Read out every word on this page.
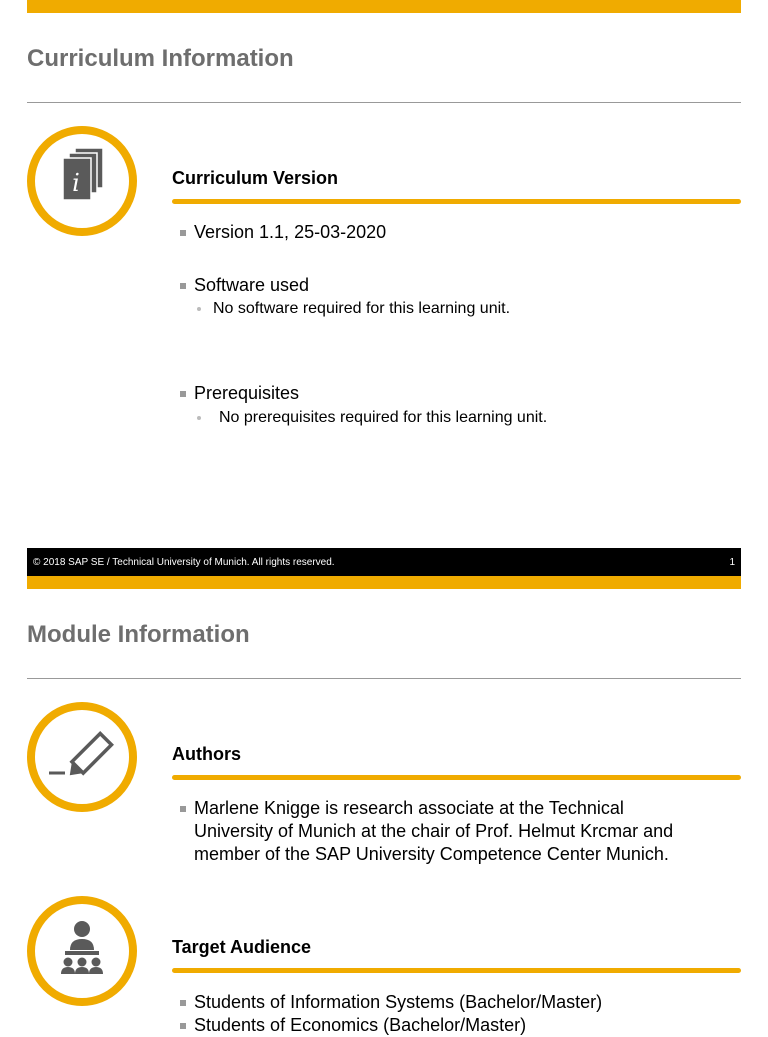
Curriculum Information
i	Curriculum Version
Version 1.1, 25-03-2020
Software used
No software required for this learning unit.
Prerequisites
No prerequisites required for this learning unit.
© 2018 SAP SE / Technical University of Munich. All rights reserved.	1
Module Information
Authors
Marlene Knigge is research associate at the Technical
University of Munich at the chair of Prof. Helmut Krcmar and
member of the SAP University Competence Center Munich.
Target Audience
Students of Information Systems (Bachelor/Master)
Students of Economics (Bachelor/Master)
